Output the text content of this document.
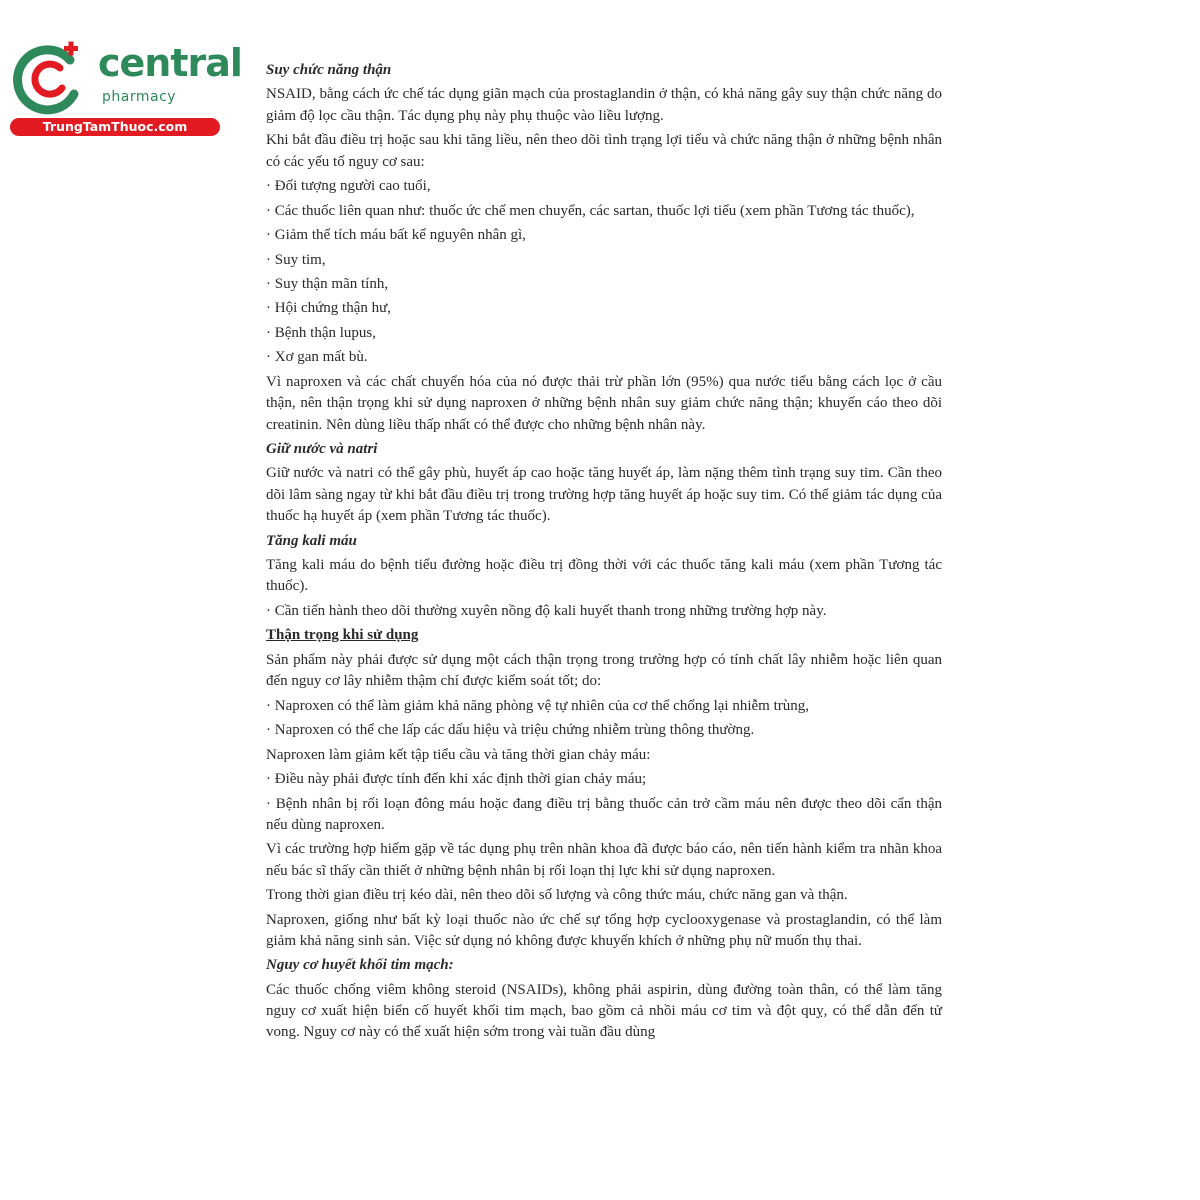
central
pharmacy
TrungTamThuoc.com

Suy chức năng thận

NSAID, bằng cách ức chế tác dụng giãn mạch của prostaglandin ở thận, có khả năng gây suy thận chức năng do giảm độ lọc cầu thận. Tác dụng phụ này phụ thuộc vào liều lượng.

Khi bắt đầu điều trị hoặc sau khi tăng liều, nên theo dõi tình trạng lợi tiểu và chức năng thận ở những bệnh nhân có các yếu tố nguy cơ sau:

· Đối tượng người cao tuổi,

· Các thuốc liên quan như: thuốc ức chế men chuyển, các sartan, thuốc lợi tiểu (xem phần Tương tác thuốc),

· Giảm thể tích máu bất kể nguyên nhân gì,

· Suy tim,

· Suy thận mãn tính,

· Hội chứng thận hư,

· Bệnh thận lupus,

· Xơ gan mất bù.

Vì naproxen và các chất chuyển hóa của nó được thải trừ phần lớn (95%) qua nước tiểu bằng cách lọc ở cầu thận, nên thận trọng khi sử dụng naproxen ở những bệnh nhân suy giảm chức năng thận; khuyến cáo theo dõi creatinin. Nên dùng liều thấp nhất có thể được cho những bệnh nhân này.

Giữ nước và natri

Giữ nước và natri có thể gây phù, huyết áp cao hoặc tăng huyết áp, làm nặng thêm tình trạng suy tim. Cần theo dõi lâm sàng ngay từ khi bắt đầu điều trị trong trường hợp tăng huyết áp hoặc suy tim. Có thể giảm tác dụng của thuốc hạ huyết áp (xem phần Tương tác thuốc).

Tăng kali máu

Tăng kali máu do bệnh tiểu đường hoặc điều trị đồng thời với các thuốc tăng kali máu (xem phần Tương tác thuốc).

· Cần tiến hành theo dõi thường xuyên nồng độ kali huyết thanh trong những trường hợp này.

Thận trọng khi sử dụng

Sản phẩm này phải được sử dụng một cách thận trọng trong trường hợp có tính chất lây nhiễm hoặc liên quan đến nguy cơ lây nhiễm thậm chí được kiểm soát tốt; do:

· Naproxen có thể làm giảm khả năng phòng vệ tự nhiên của cơ thể chống lại nhiễm trùng,

· Naproxen có thể che lấp các dấu hiệu và triệu chứng nhiễm trùng thông thường.

Naproxen làm giảm kết tập tiểu cầu và tăng thời gian chảy máu:

· Điều này phải được tính đến khi xác định thời gian chảy máu;

· Bệnh nhân bị rối loạn đông máu hoặc đang điều trị bằng thuốc cản trở cầm máu nên được theo dõi cẩn thận nếu dùng naproxen.

Vì các trường hợp hiếm gặp về tác dụng phụ trên nhãn khoa đã được báo cáo, nên tiến hành kiểm tra nhãn khoa nếu bác sĩ thấy cần thiết ở những bệnh nhân bị rối loạn thị lực khi sử dụng naproxen.

Trong thời gian điều trị kéo dài, nên theo dõi số lượng và công thức máu, chức năng gan và thận.

Naproxen, giống như bất kỳ loại thuốc nào ức chế sự tổng hợp cyclooxygenase và prostaglandin, có thể làm giảm khả năng sinh sản. Việc sử dụng nó không được khuyến khích ở những phụ nữ muốn thụ thai.

Nguy cơ huyết khối tim mạch:

Các thuốc chống viêm không steroid (NSAIDs), không phải aspirin, dùng đường toàn thân, có thể làm tăng nguy cơ xuất hiện biến cố huyết khối tim mạch, bao gồm cả nhồi máu cơ tim và đột quỵ, có thể dẫn đến tử vong. Nguy cơ này có thể xuất hiện sớm trong vài tuần đầu dùng
